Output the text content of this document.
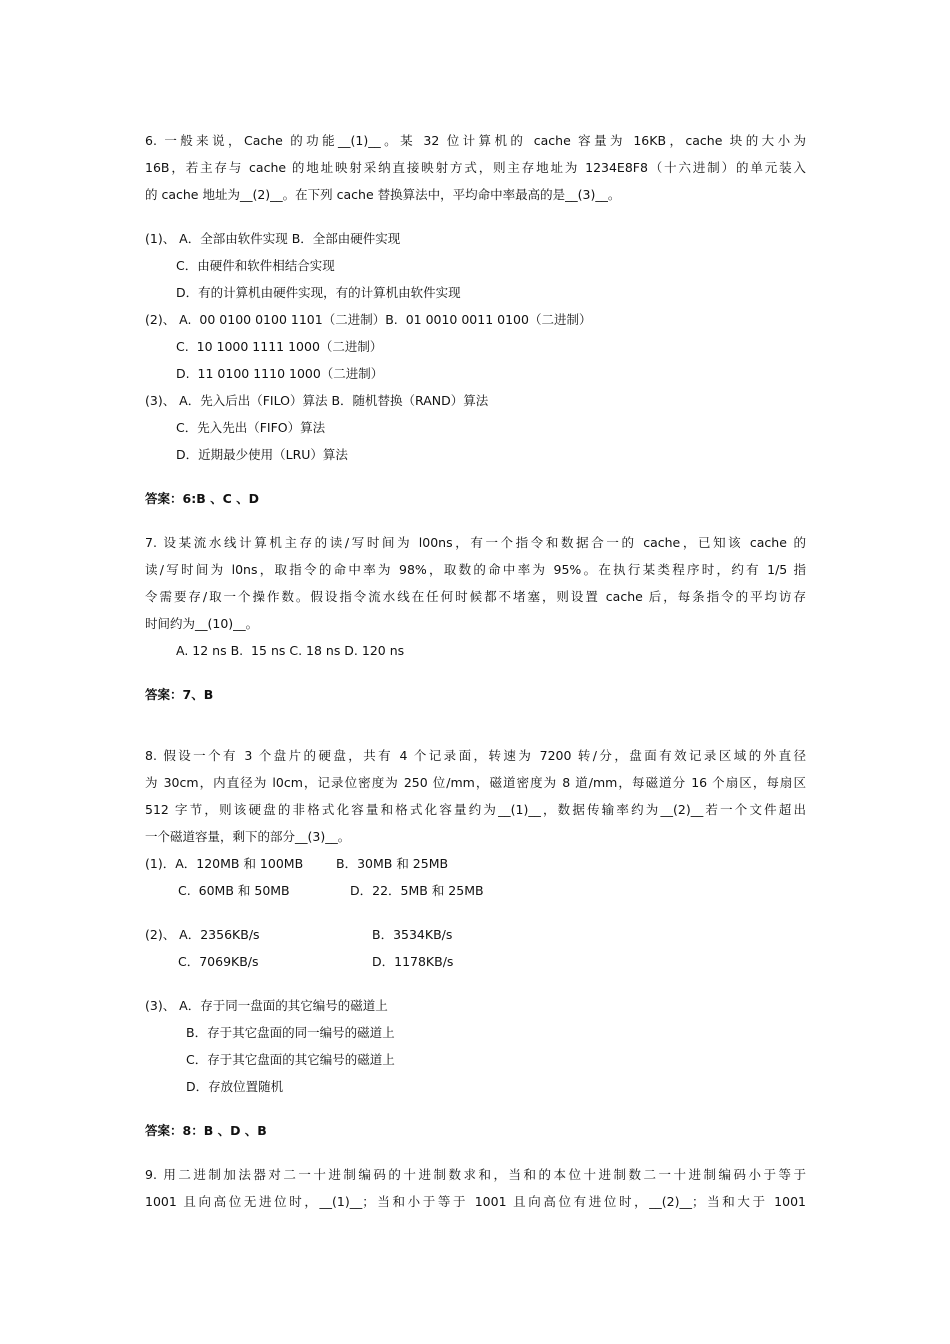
6. 一般来说，Cache 的功能__(1)__。某 32 位计算机的 cache 容量为 16KB，cache 块的大小为
16B，若主存与 cache 的地址映射采纳直接映射方式，则主存地址为 1234E8F8（十六进制）的单元装入
的 cache 地址为__(2)__。在下列 cache 替换算法中，平均命中率最高的是__(3)__。
(1)、 A．全部由软件实现 B．全部由硬件实现
C．由硬件和软件相结合实现
D．有的计算机由硬件实现，有的计算机由软件实现
(2)、 A.  00 0100 0100 1101（二进制）B.  01 0010 0011 0100（二进制）
C.  10 1000 1111 1000（二进制）
D.  11 0100 1110 1000（二进制）
(3)、 A．先入后出（FILO）算法 B．随机替换（RAND）算法
C．先入先出（FIFO）算法
D．近期最少使用（LRU）算法
答案：6:B 、C 、D
7. 设某流水线计算机主存的读/写时间为 l00ns，有一个指令和数据合一的 cache，已知该 cache 的
读/写时间为 l0ns，取指令的命中率为 98%，取数的命中率为 95%。在执行某类程序时，约有 1/5 指
令需要存/取一个操作数。假设指令流水线在任何时候都不堵塞，则设置 cache 后，每条指令的平均访存
时间约为__(10)__。
A. 12 ns B.  15 ns C. 18 ns D. 120 ns
答案：7、B
8. 假设一个有 3 个盘片的硬盘，共有 4 个记录面，转速为 7200 转/分，盘面有效记录区域的外直径
为 30cm，内直径为 l0cm，记录位密度为 250 位/mm，磁道密度为 8 道/mm，每磁道分 16 个扇区，每扇区
512 字节，则该硬盘的非格式化容量和格式化容量约为__(1)__，数据传输率约为__(2)__若一个文件超出
一个磁道容量，剩下的部分__(3)__。
(1)．A．120MB 和 100MB	B．30MB 和 25MB
C.  60MB 和 50MB	D．22．5MB 和 25MB
(2)、 A．2356KB/s	B．3534KB/s
C．7069KB/s	D．1178KB/s
(3)、 A．存于同一盘面的其它编号的磁道上
B．存于其它盘面的同一编号的磁道上
C．存于其它盘面的其它编号的磁道上
D．存放位置随机
答案：8：B 、D 、B
9. 用二进制加法器对二一十进制编码的十进制数求和，当和的本位十进制数二一十进制编码小于等于
1001 且向高位无进位时，__(1)__；当和小于等于 1001 且向高位有进位时，__(2)__；当和大于 1001
